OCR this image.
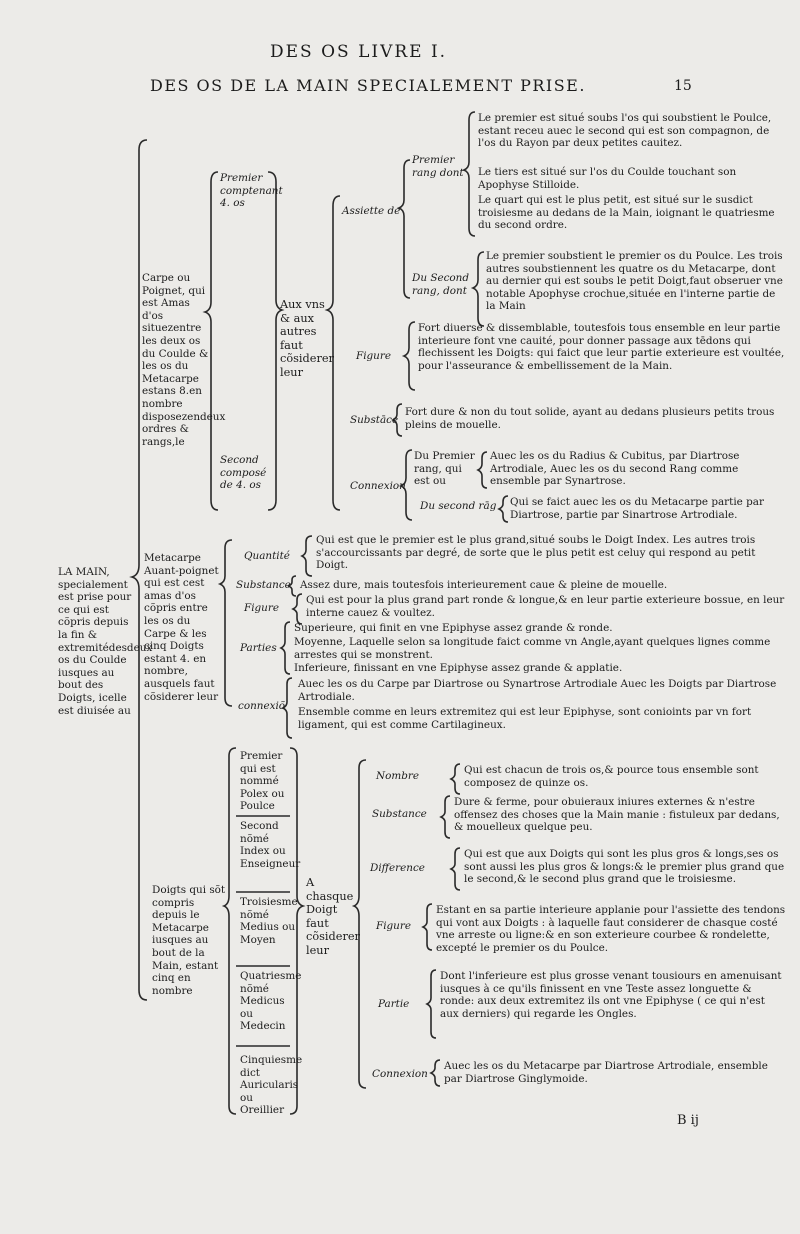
DES OS LIVRE I.
DES OS DE LA MAIN SPECIALEMENT PRISE.	15
LA MAIN, specialement est prise pour ce qui est cõpris depuis la fin & extremitédesdeux os du Coulde iusques au bout des Doigts, icelle est diuisée au
Carpe ou Poignet, qui est Amas d'os situezentre les deux os du Coulde & les os du Metacarpe estans 8.en nombre disposezendeux ordres & rangs,le
Premier comptenant 4. os
Second composé de 4. os
Aux vns & aux autres faut cõsiderer leur
Assiette de
Premier rang dont
Le premier est situé soubs l'os qui soubstient le Poulce, estant receu auec le second qui est son compagnon, de l'os du Rayon par deux petites cauitez.
Le tiers est situé sur l'os du Coulde touchant son Apophyse Stilloide.
Le quart qui est le plus petit, est situé sur le susdict troisiesme au dedans de la Main, ioignant le quatriesme du second ordre.
Du Second rang, dont
Le premier soubstient le premier os du Poulce. Les trois autres soubstiennent les quatre os du Metacarpe, dont au dernier qui est soubs le petit Doigt,faut obseruer vne notable Apophyse crochue,située en l'interne partie de la Main
Figure
Fort diuerse & dissemblable, toutesfois tous ensemble en leur partie interieure font vne cauité, pour donner passage aux tēdons qui flechissent les Doigts: qui faict que leur partie exterieure est voultée, pour l'asseurance & embellissement de la Main.
Substāce
Fort dure & non du tout solide, ayant au dedans plusieurs petits trous pleins de mouelle.
Connexion
Du Premier rang, qui est ou
Auec les os du Radius & Cubitus, par Diartrose Artrodiale, Auec les os du second Rang comme ensemble par Synartrose.
Du second rāg	Qui se faict auec les os du Metacarpe partie par Diartrose, partie par Sinartrose Artrodiale.
Metacarpe Auant-poignet qui est cest amas d'os cõpris entre les os du Carpe & les cinq Doigts estant 4. en nombre, ausquels faut cõsiderer leur
Quantité
Qui est que le premier est le plus grand,situé soubs le Doigt Index. Les autres trois s'accourcissants par degré, de sorte que le plus petit est celuy qui respond au petit Doigt.
Substance Assez dure, mais toutesfois interieurement caue & pleine de mouelle.
Figure
Qui est pour la plus grand part ronde & longue,& en leur partie exterieure bossue, en leur interne cauez & voultez.
Parties
Superieure, qui finit en vne Epiphyse assez grande & ronde.
Moyenne, Laquelle selon sa longitude faict comme vn Angle,ayant quelques lignes comme arrestes qui se monstrent.
Inferieure, finissant en vne Epiphyse assez grande & applatie.
connexiõ
Auec les os du Carpe par Diartrose ou Synartrose Artrodiale Auec les Doigts par Diartrose Artrodiale.
Ensemble comme en leurs extremitez qui est leur Epiphyse, sont conioints par vn fort ligament, qui est comme Cartilagineux.
Doigts qui sõt compris depuis le Metacarpe iusques au bout de la Main, estant cinq en nombre
Premier qui est nommé Polex ou Poulce
Second nõmé Index ou Enseigneur
Troisiesme nõmé Medius ou Moyen
Quatriesme nõmé Medicus ou Medecin
Cinquiesme dict Auricularis ou Oreillier
A chasque Doigt faut cõsiderer leur
Nombre	Qui est chacun de trois os,& pource tous ensemble sont composez de quinze os.
Substance
Dure & ferme, pour obuieraux iniures externes & n'estre offensez des choses que la Main manie : fistuleux par dedans, & mouelleux quelque peu.
Difference
Qui est que aux Doigts qui sont les plus gros & longs,ses os sont aussi les plus gros & longs:& le premier plus grand que le second,& le second plus grand que le troisiesme.
Figure
Estant en sa partie interieure applanie pour l'assiette des tendons qui vont aux Doigts : à laquelle faut considerer de chasque costé vne arreste ou ligne:& en son exterieure courbee & rondelette, excepté le premier os du Poulce.
Partie
Dont l'inferieure est plus grosse venant tousiours en amenuisant iusques à ce qu'ils finissent en vne Teste assez longuette & ronde: aux deux extremitez ils ont vne Epiphyse ( ce qui n'est aux derniers) qui regarde les Ongles.
Connexion
Auec les os du Metacarpe par Diartrose Artrodiale, ensemble par Diartrose Ginglymoide.
B ij
